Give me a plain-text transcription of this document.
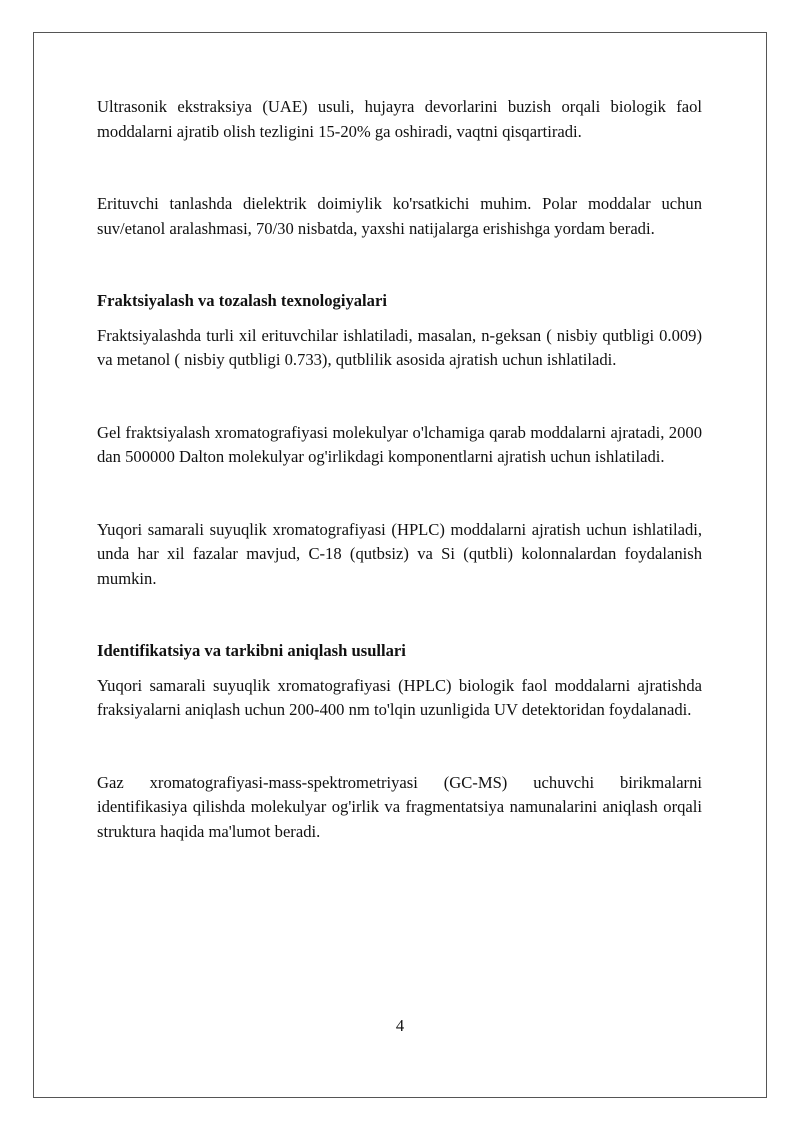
Ultrasonik ekstraksiya (UAE) usuli, hujayra devorlarini buzish orqali biologik faol moddalarni ajratib olish tezligini 15-20% ga oshiradi, vaqtni qisqartiradi.

Erituvchi tanlashda dielektrik doimiylik ko'rsatkichi muhim. Polar moddalar uchun suv/etanol aralashmasi, 70/30 nisbatda, yaxshi natijalarga erishishga yordam beradi.

Fraktsiyalash va tozalash texnologiyalari

Fraktsiyalashda turli xil erituvchilar ishlatiladi, masalan, n-geksan ( nisbiy qutbligi 0.009) va metanol ( nisbiy qutbligi 0.733), qutblilik asosida ajratish uchun ishlatiladi.

Gel fraktsiyalash xromatografiyasi molekulyar o'lchamiga qarab moddalarni ajratadi, 2000 dan 500000 Dalton molekulyar og'irlikdagi komponentlarni ajratish uchun ishlatiladi.

Yuqori samarali suyuqlik xromatografiyasi (HPLC) moddalarni ajratish uchun ishlatiladi, unda har xil fazalar mavjud, C-18 (qutbsiz) va Si (qutbli) kolonnalardan foydalanish mumkin.

Identifikatsiya va tarkibni aniqlash usullari

Yuqori samarali suyuqlik xromatografiyasi (HPLC) biologik faol moddalarni ajratishda fraksiyalarni aniqlash uchun 200-400 nm to'lqin uzunligida UV detektoridan foydalanadi.

Gaz xromatografiyasi-mass-spektrometriyasi (GC-MS) uchuvchi birikmalarni identifikasiya qilishda molekulyar og'irlik va fragmentatsiya namunalarini aniqlash orqali struktura haqida ma'lumot beradi.

4
